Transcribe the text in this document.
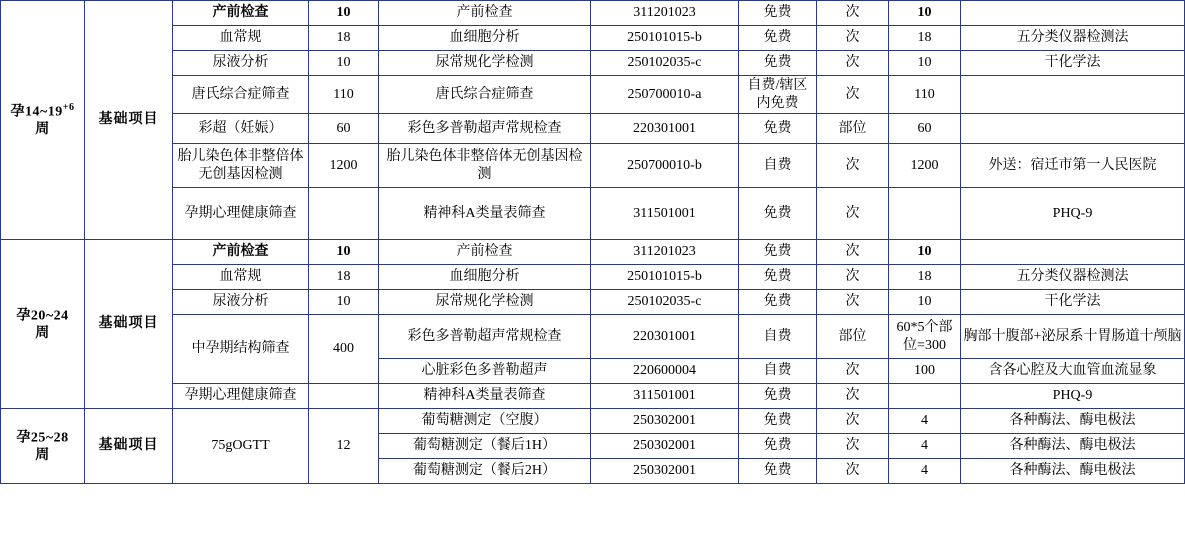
孕$14\sim 19^{+6}$
周	基础项目	产前检查	10	产前检查	311201023	免费	次	10	
		血常规	18	血细胞分析	250101015-b	免费	次	18	五分类仪器检测法
		尿液分析	10	尿常规化学检测	250102035-c	免费	次	10	干化学法
		唐氏综合症筛查	110	唐氏综合症筛查	250700010-a	自费/辖区内免费	次	110	
		彩超（妊娠）	60	彩色多普勒超声常规检查	220301001	免费	部位	60	
		胎儿染色体非整倍体无创基因检测	1200	胎儿染色体非整倍体无创基因检测	250700010-b	自费	次	1200	外送：宿迁市第一人民医院
		孕期心理健康筛查		精神科A类量表筛查	311501001	免费	次		PHQ-9
孕20~24
周	基础项目	产前检查	10	产前检查	311201023	免费	次	10	
		血常规	18	血细胞分析	250101015-b	免费	次	18	五分类仪器检测法
		尿液分析	10	尿常规化学检测	250102035-c	免费	次	10	干化学法
		中孕期结构筛查	400	彩色多普勒超声常规检查	220301001	自费	部位	60*5个部位=300	胸部十腹部+泌尿系十胃肠道十颅脑
				心脏彩色多普勒超声	220600004	自费	次	100	含各心腔及大血管血流显象
		孕期心理健康筛查		精神科A类量表筛查	311501001	免费	次		PHQ-9
孕25~28
周	基础项目	75gOGTT	12	葡萄糖测定（空腹）	250302001	免费	次	4	各种酶法、酶电极法
				葡萄糖测定（餐后1H）	250302001	免费	次	4	各种酶法、酶电极法
				葡萄糖测定（餐后2H）	250302001	免费	次	4	各种酶法、酶电极法
